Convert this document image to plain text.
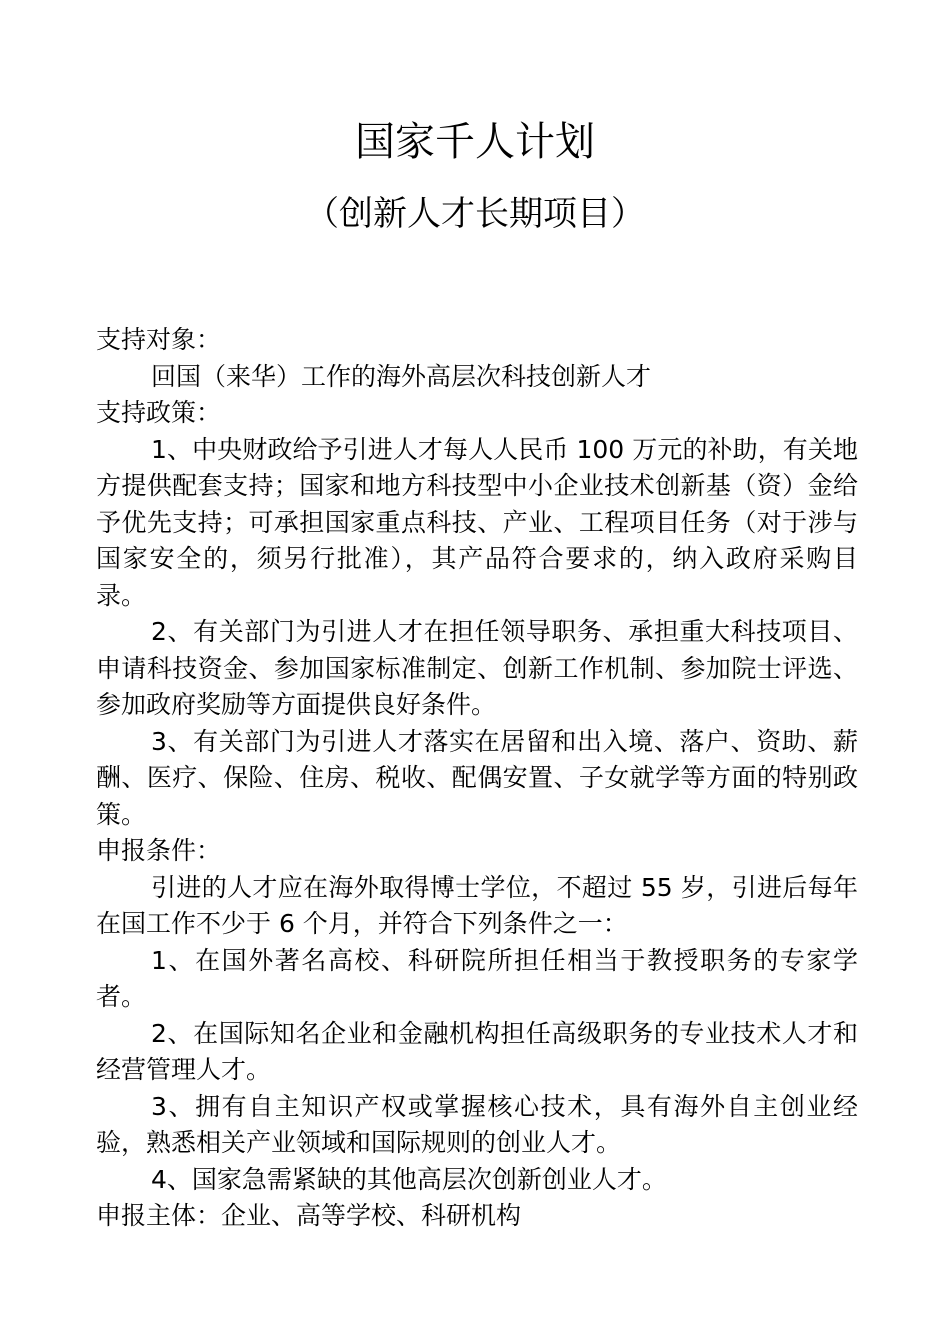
国家千人计划
（创新人才长期项目）

支持对象：

回国（来华）工作的海外高层次科技创新人才

支持政策：

1、中央财政给予引进人才每人人民币 100 万元的补助，有关地方提供配套支持；国家和地方科技型中小企业技术创新基（资）金给予优先支持；可承担国家重点科技、产业、工程项目任务（对于涉与国家安全的，须另行批准），其产品符合要求的，纳入政府采购目录。

2、有关部门为引进人才在担任领导职务、承担重大科技项目、申请科技资金、参加国家标准制定、创新工作机制、参加院士评选、参加政府奖励等方面提供良好条件。

3、有关部门为引进人才落实在居留和出入境、落户、资助、薪酬、医疗、保险、住房、税收、配偶安置、子女就学等方面的特别政策。

申报条件：

引进的人才应在海外取得博士学位，不超过 55 岁，引进后每年在国工作不少于 6 个月，并符合下列条件之一：

1、在国外著名高校、科研院所担任相当于教授职务的专家学者。

2、在国际知名企业和金融机构担任高级职务的专业技术人才和经营管理人才。

3、拥有自主知识产权或掌握核心技术，具有海外自主创业经验，熟悉相关产业领域和国际规则的创业人才。

4、国家急需紧缺的其他高层次创新创业人才。

申报主体：企业、高等学校、科研机构
